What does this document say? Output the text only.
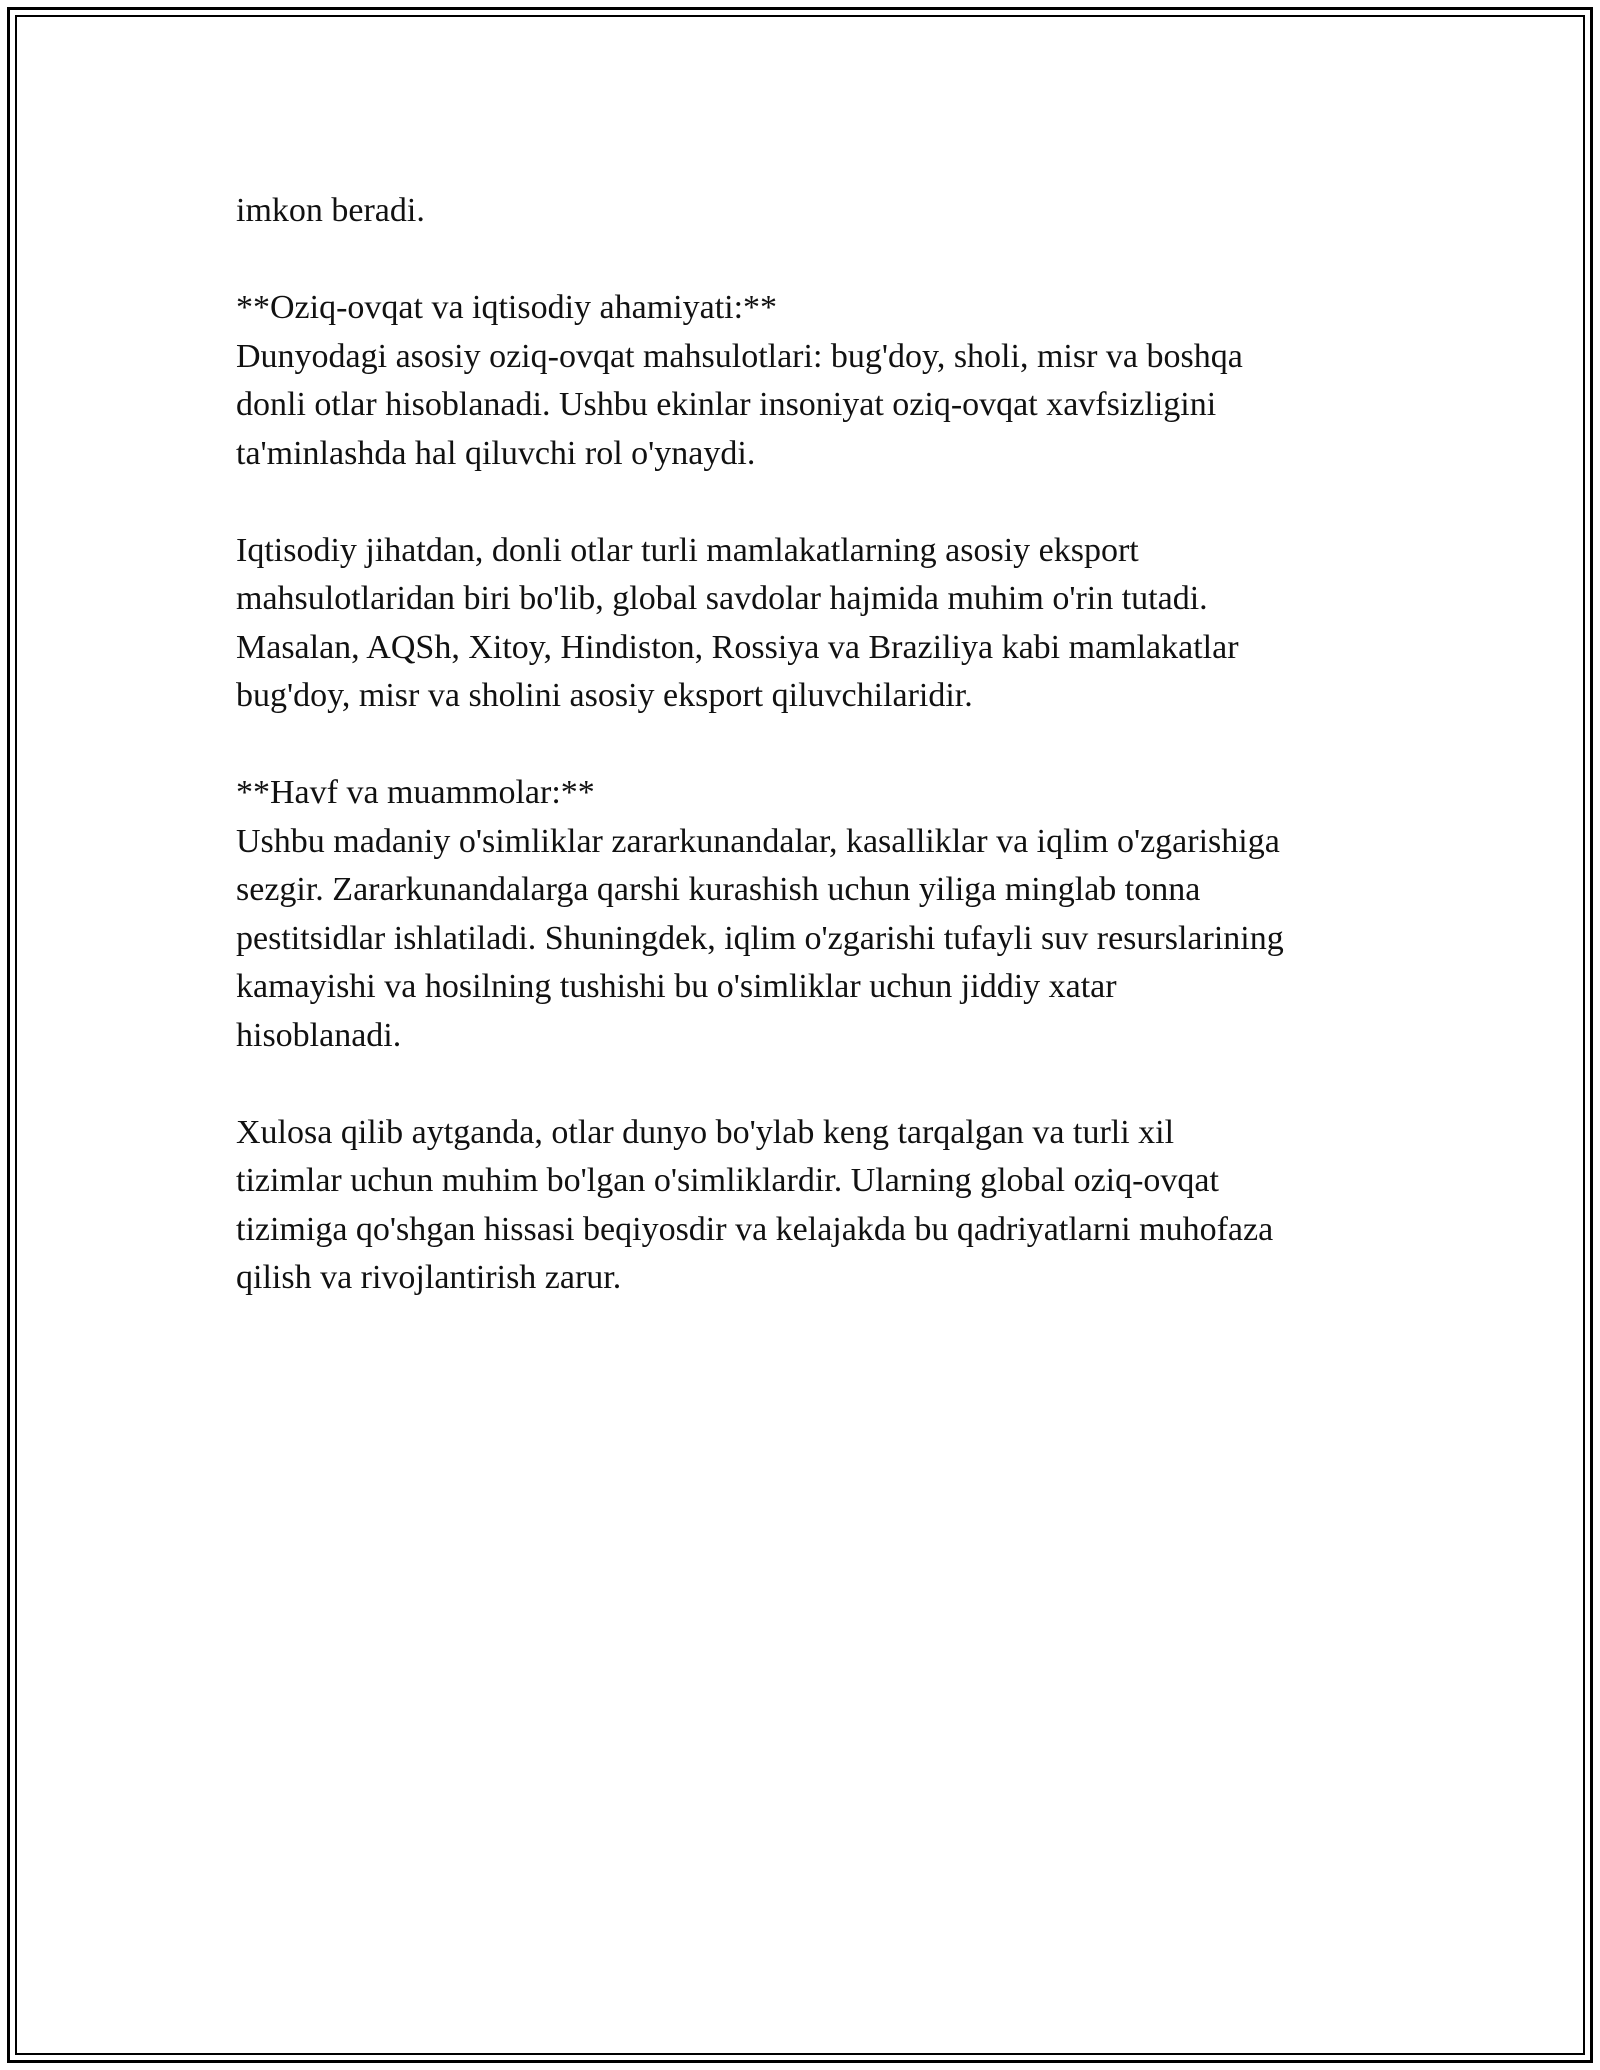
imkon beradi.
**Oziq-ovqat va iqtisodiy ahamiyati:**
Dunyodagi asosiy oziq-ovqat mahsulotlari: bug'doy, sholi, misr va boshqa
donli otlar hisoblanadi. Ushbu ekinlar insoniyat oziq-ovqat xavfsizligini
ta'minlashda hal qiluvchi rol o'ynaydi.
Iqtisodiy jihatdan, donli otlar turli mamlakatlarning asosiy eksport
mahsulotlaridan biri bo'lib, global savdolar hajmida muhim o'rin tutadi.
Masalan, AQSh, Xitoy, Hindiston, Rossiya va Braziliya kabi mamlakatlar
bug'doy, misr va sholini asosiy eksport qiluvchilaridir.
**Havf va muammolar:**
Ushbu madaniy o'simliklar zararkunandalar, kasalliklar va iqlim o'zgarishiga
sezgir. Zararkunandalarga qarshi kurashish uchun yiliga minglab tonna
pestitsidlar ishlatiladi. Shuningdek, iqlim o'zgarishi tufayli suv resurslarining
kamayishi va hosilning tushishi bu o'simliklar uchun jiddiy xatar
hisoblanadi.
Xulosa qilib aytganda, otlar dunyo bo'ylab keng tarqalgan va turli xil
tizimlar uchun muhim bo'lgan o'simliklardir. Ularning global oziq-ovqat
tizimiga qo'shgan hissasi beqiyosdir va kelajakda bu qadriyatlarni muhofaza
qilish va rivojlantirish zarur.
